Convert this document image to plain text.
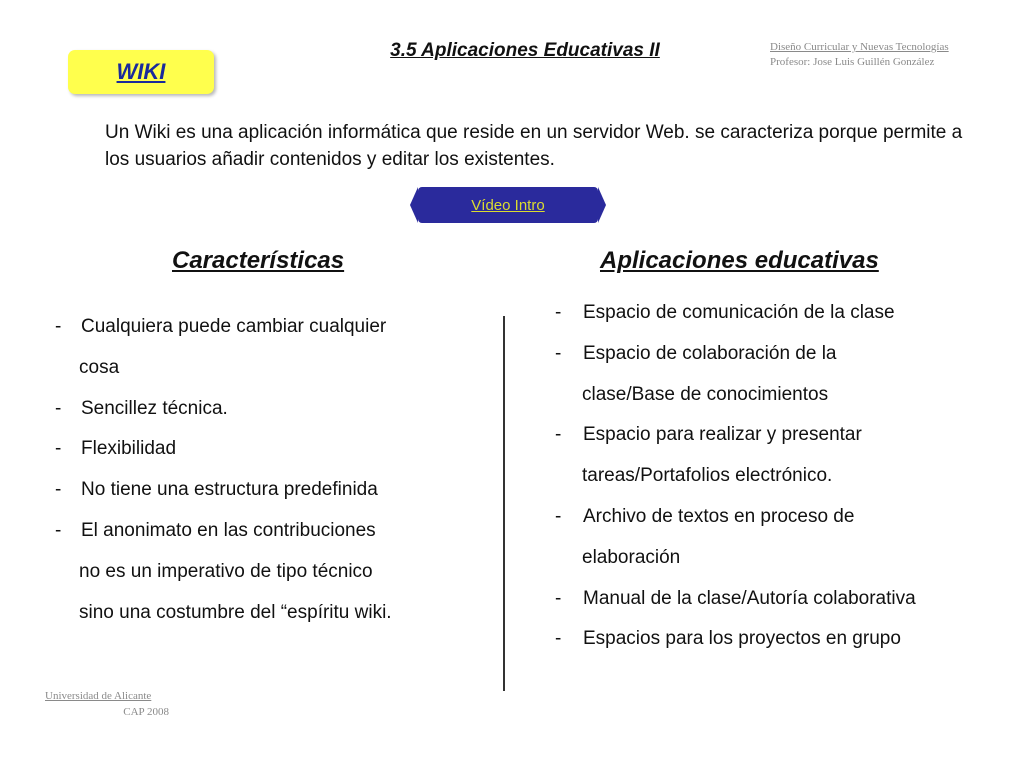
3.5 Aplicaciones Educativas II	Diseño Curricular y Nuevas Tecnologías
Profesor: Jose Luis Guillén González
WIKI
Un Wiki es una aplicación informática que reside en un servidor Web. se caracteriza porque permite a los usuarios añadir contenidos y editar los existentes.
Vídeo Intro
Características	Aplicaciones educativas
- Cualquiera puede cambiar cualquier
cosa
- Sencillez técnica.
- Flexibilidad
- No tiene una estructura predefinida
- El anonimato en las contribuciones
no es un imperativo de tipo técnico
sino una costumbre del “espíritu wiki.
- Espacio de comunicación de la clase
- Espacio de colaboración de la
clase/Base de conocimientos
- Espacio para realizar y presentar
tareas/Portafolios electrónico.
- Archivo de textos en proceso de
elaboración
- Manual de la clase/Autoría colaborativa
- Espacios para los proyectos en grupo
Universidad de Alicante
CAP 2008
